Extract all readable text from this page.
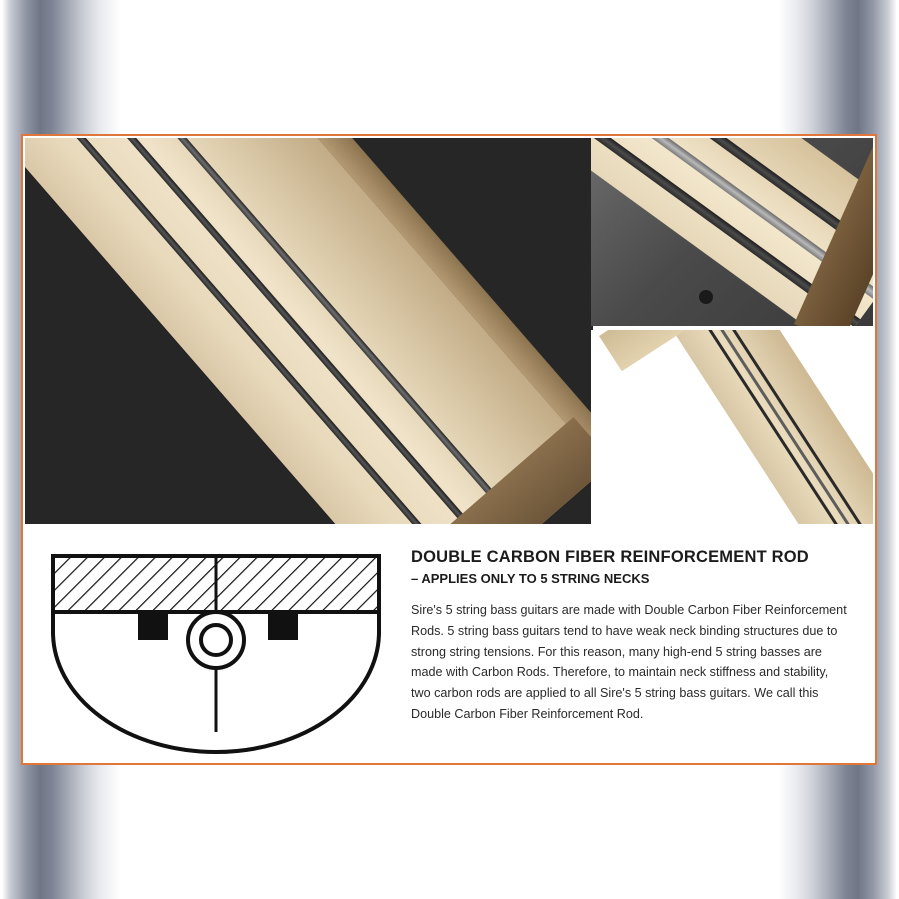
DOUBLE CARBON FIBER REINFORCEMENT ROD
– APPLIES ONLY TO 5 STRING NECKS

Sire's 5 string bass guitars are made with Double Carbon Fiber Reinforcement Rods. 5 string bass guitars tend to have weak neck binding structures due to strong string tensions. For this reason, many high-end 5 string basses are made with Carbon Rods. Therefore, to maintain neck stiffness and stability, two carbon rods are applied to all Sire's 5 string bass guitars. We call this Double Carbon Fiber Reinforcement Rod.
